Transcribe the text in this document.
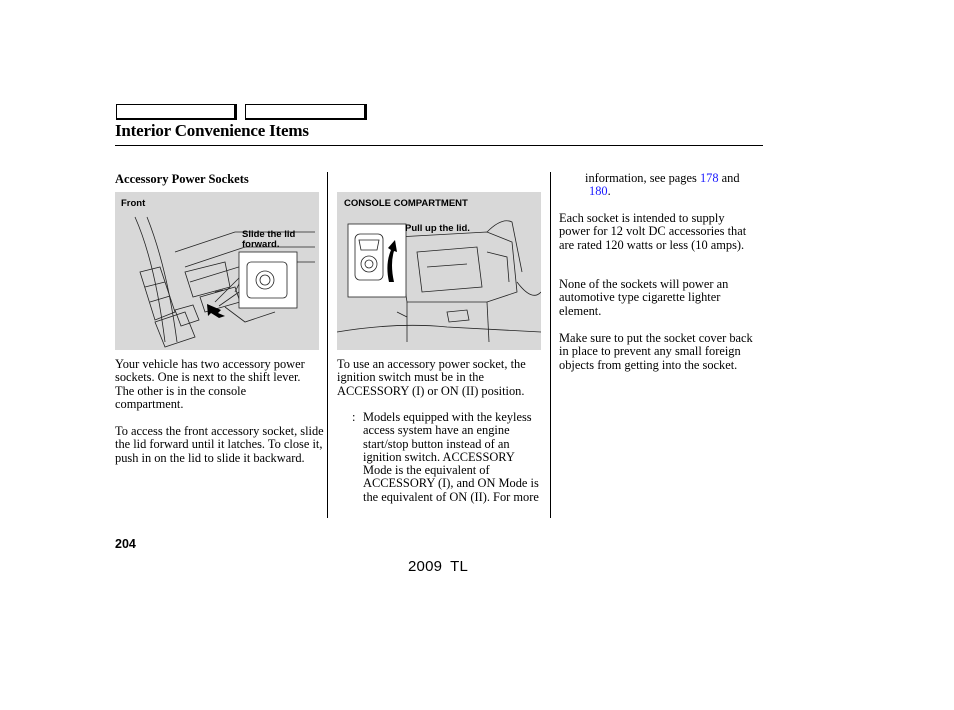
Interior Convenience Items
Accessory Power Sockets
Front
Slide the lid forward.
Your vehicle has two accessory power sockets. One is next to the shift lever. The other is in the console compartment.
To access the front accessory socket, slide the lid forward until it latches. To close it, push in on the lid to slide it backward.
CONSOLE COMPARTMENT
Pull up the lid.
To use an accessory power socket, the ignition switch must be in the ACCESSORY (I) or ON (II) position.
: Models equipped with the keyless access system have an engine start/stop button instead of an ignition switch. ACCESSORY Mode is the equivalent of ACCESSORY (I), and ON Mode is the equivalent of ON (II). For more
information, see pages 178 and
180.
Each socket is intended to supply power for 12 volt DC accessories that are rated 120 watts or less (10 amps).
None of the sockets will power an automotive type cigarette lighter element.
Make sure to put the socket cover back in place to prevent any small foreign objects from getting into the socket.
204
2009 TL
